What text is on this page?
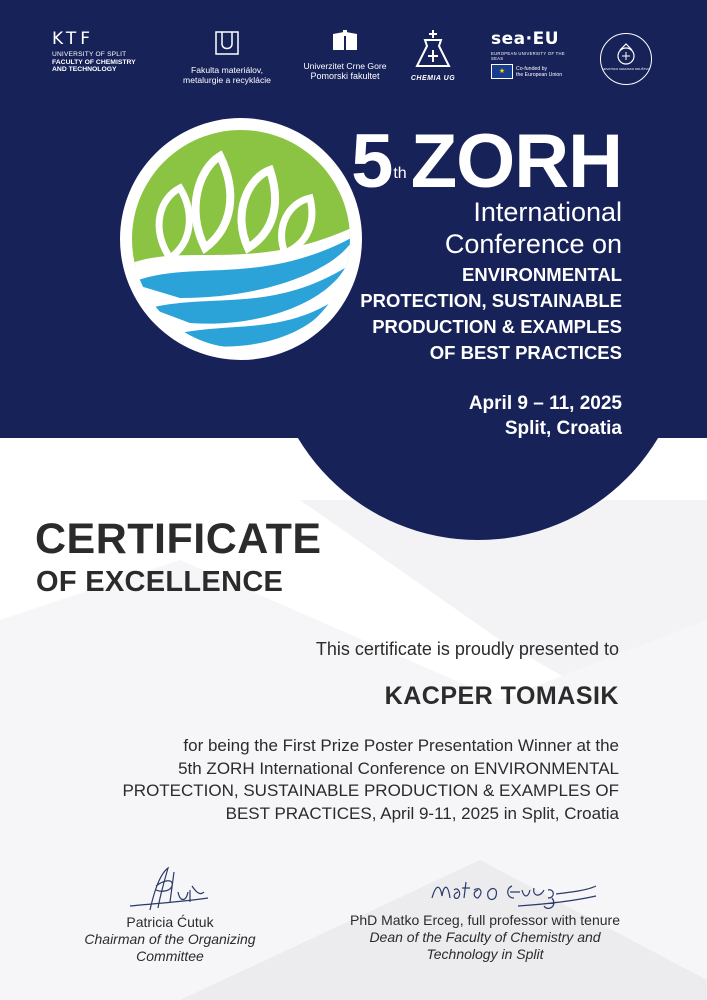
KTF
UNIVERSITY OF SPLIT
FACULTY OF CHEMISTRY
AND TECHNOLOGY	Fakulta materiálov,
metalurgie a recyklácie
Univerzitet Crne Gore
Pomorski fakultet	CHEMIA UG
sea·EU
EUROPEAN UNIVERSITY OF THE SEAS
★	Co-funded by
the European Union
HRVATSKO KEMIJSKO DRUŠTVO
5thZORH
International
Conference on
ENVIRONMENTAL
PROTECTION, SUSTAINABLE
PRODUCTION & EXAMPLES
OF BEST PRACTICES
April 9 – 11, 2025
Split, Croatia
CERTIFICATE
OF EXCELLENCE
This certificate is proudly presented to
KACPER TOMASIK
for being the First Prize Poster Presentation Winner at the
5th ZORH International Conference on ENVIRONMENTAL
PROTECTION, SUSTAINABLE PRODUCTION & EXAMPLES OF
BEST PRACTICES, April 9-11, 2025 in Split, Croatia
Patricia Ćutuk
Chairman of the Organizing
Committee
PhD Matko Erceg, full professor with tenure
Dean of the Faculty of Chemistry and
Technology in Split
